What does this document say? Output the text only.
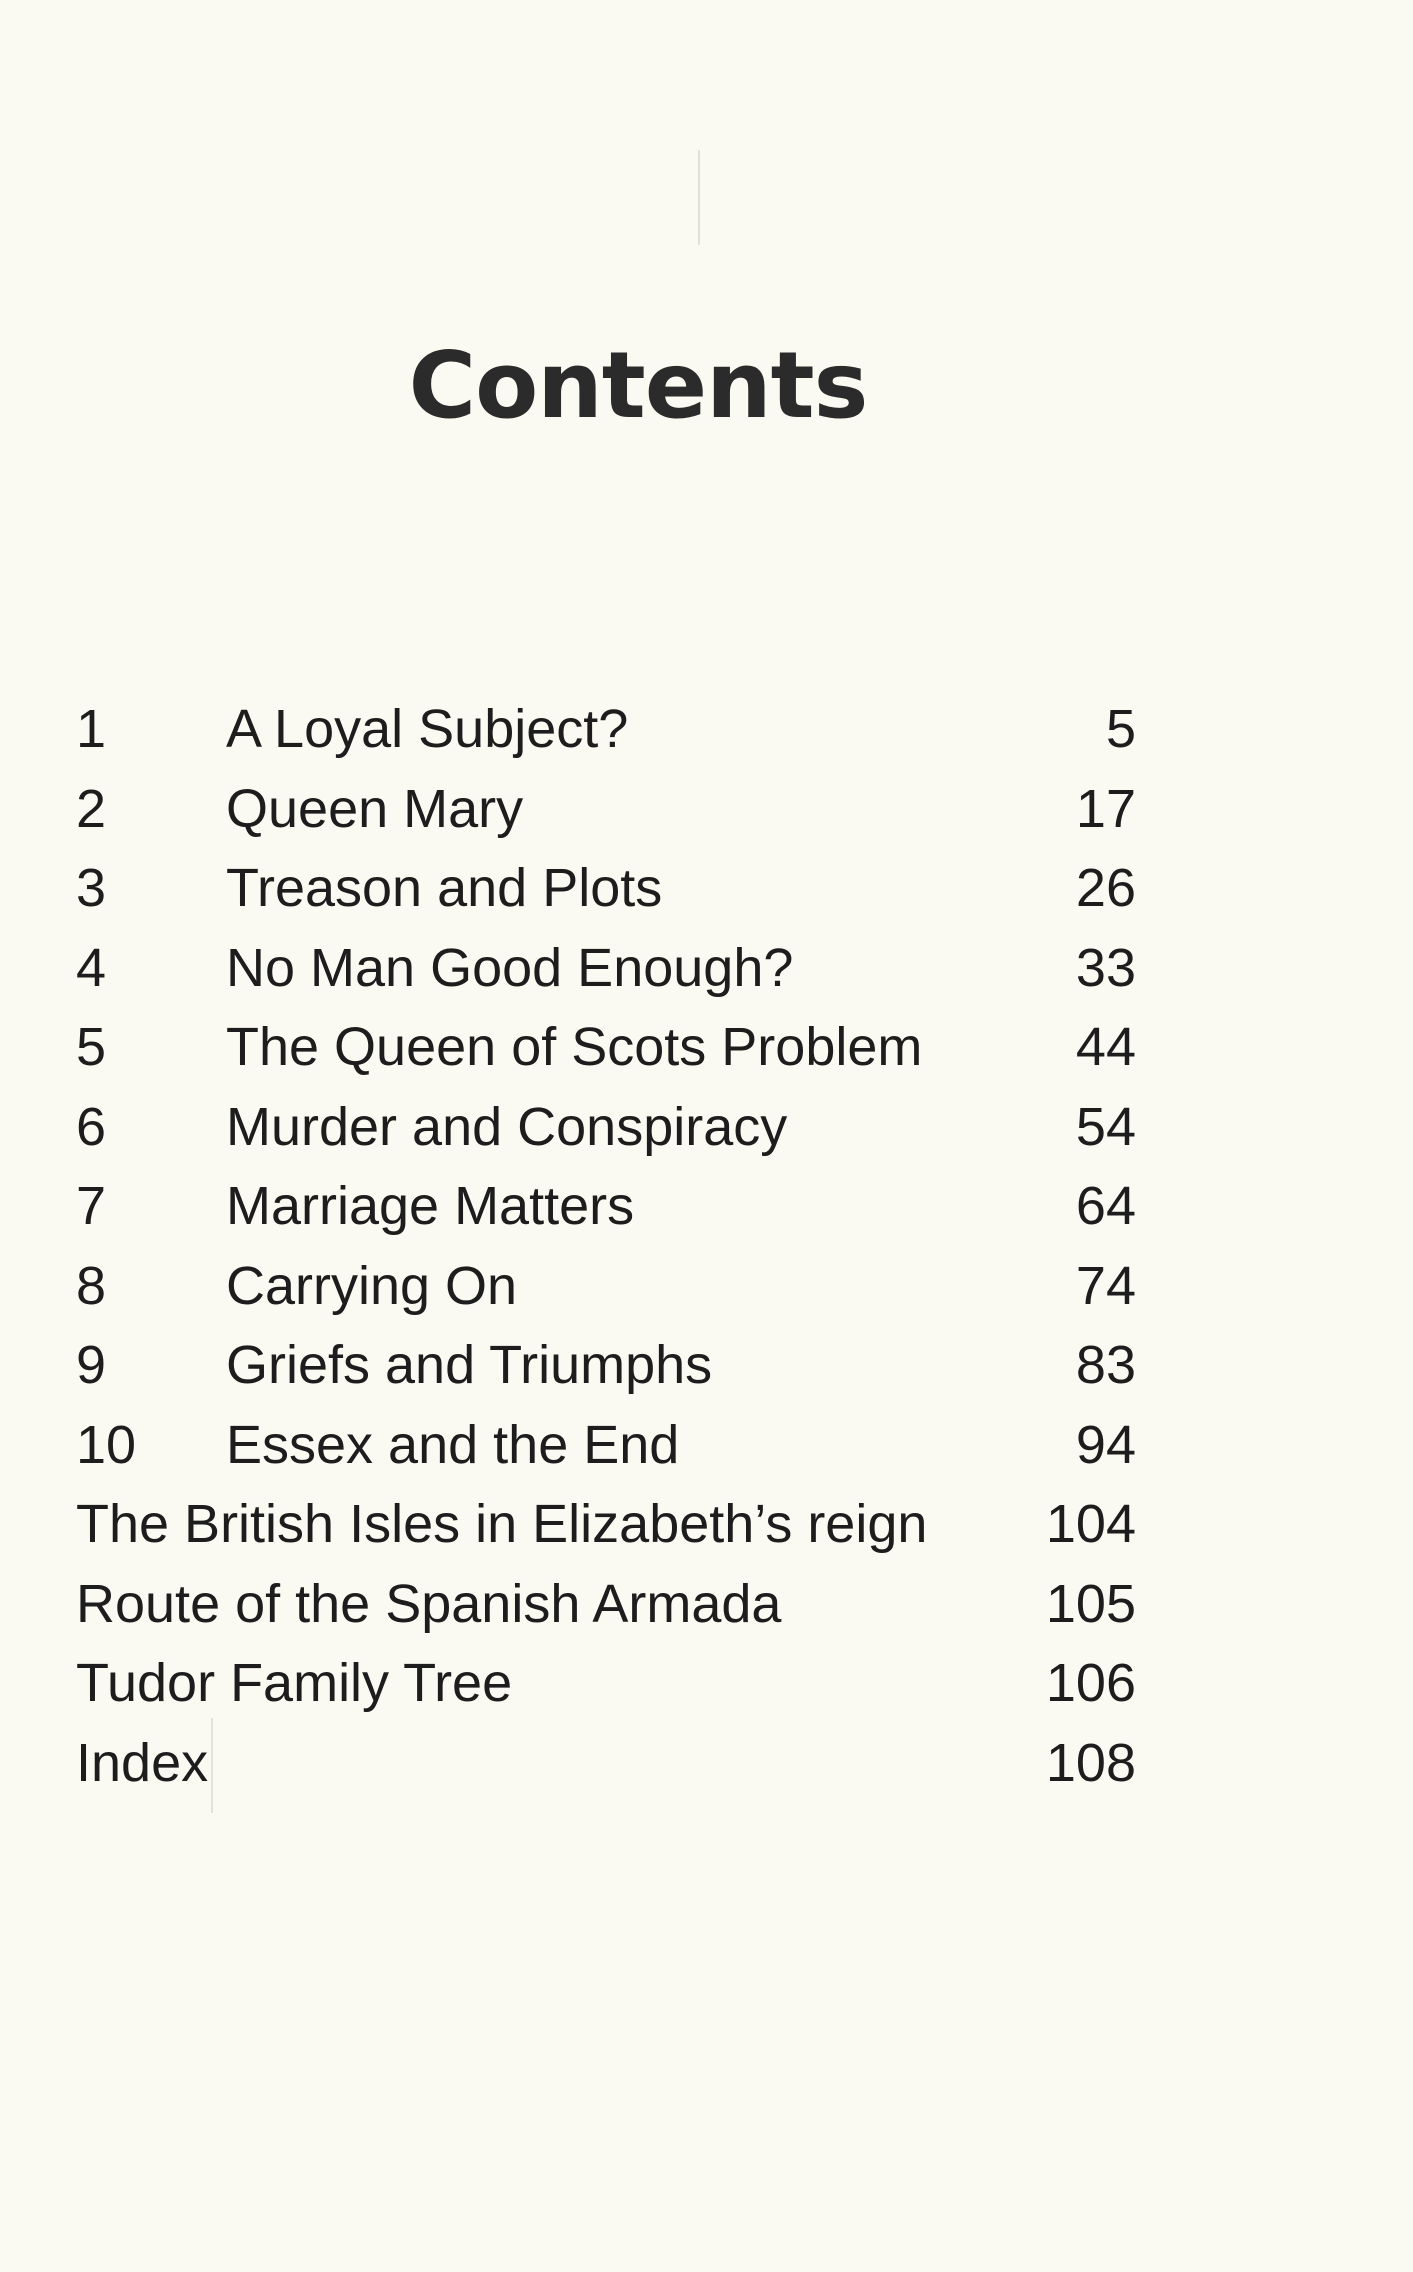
Contents
1 A Loyal Subject?	5
2 Queen Mary	17
3 Treason and Plots	26
4 No Man Good Enough?	33
5 The Queen of Scots Problem	44
6 Murder and Conspiracy	54
7 Marriage Matters	64
8 Carrying On	74
9 Griefs and Triumphs	83
10 Essex and the End	94
The British Isles in Elizabeth’s reign 104
Route of the Spanish Armada	105
Tudor Family Tree	106
Index	108
